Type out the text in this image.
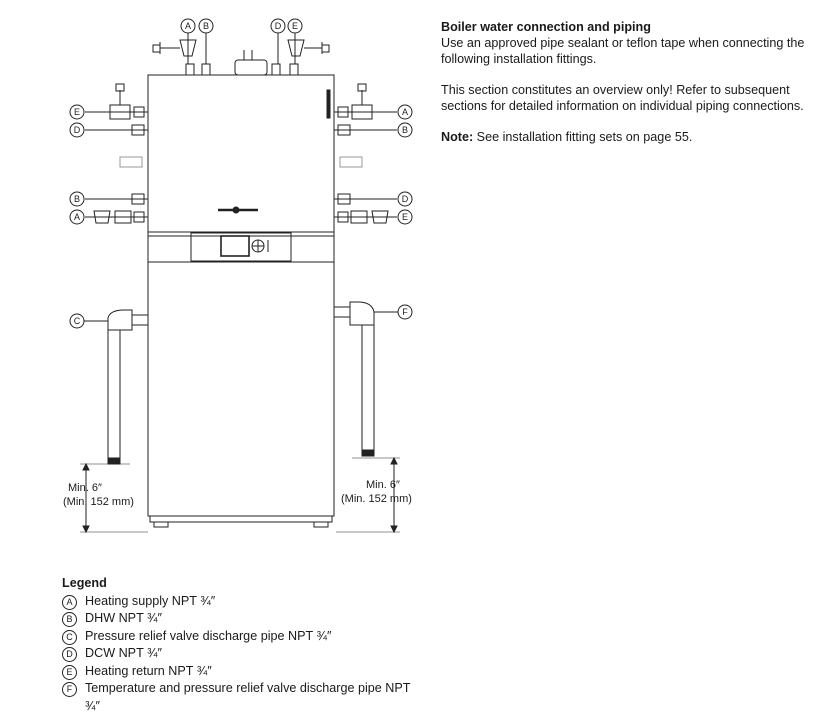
A B	D E
E
D
B
A
C
A
B
D
E
F
Min. 6″
(Min. 152 mm)
Min. 6″
(Min. 152 mm)

Boiler water connection and piping

Use an approved pipe sealant or teflon tape when connecting the following installation fittings.

This section constitutes an overview only! Refer to subsequent sections for detailed information on individual piping connections.

Note: See installation fitting sets on page 55.

Legend
A Heating supply NPT ¾″
B DHW NPT ¾″
C Pressure relief valve discharge pipe NPT ¾″
D DCW NPT ¾″
E Heating return NPT ¾″
F	Temperature and pressure relief valve discharge pipe NPT ¾″
